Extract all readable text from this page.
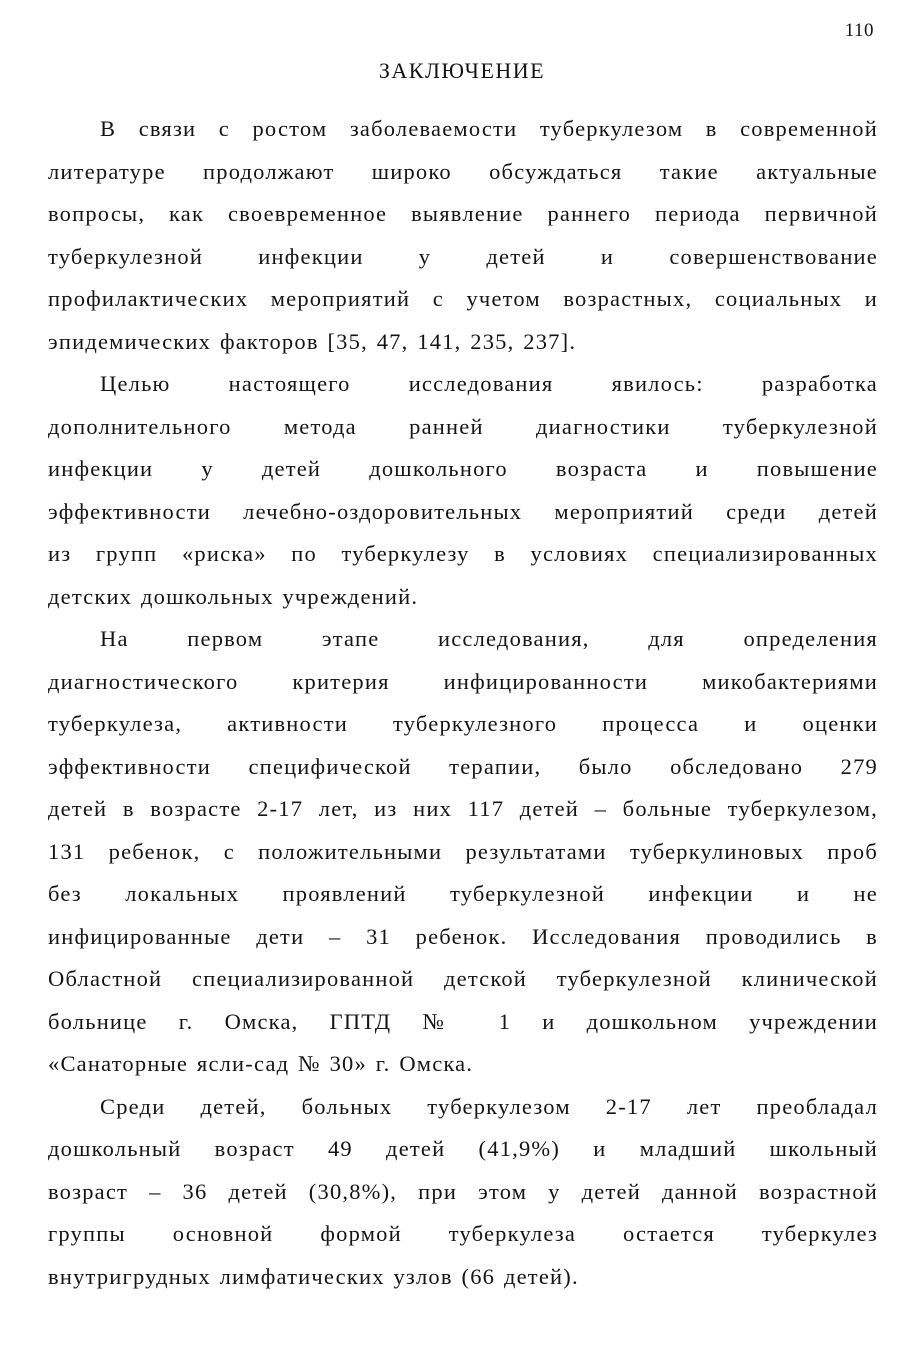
110
ЗАКЛЮЧЕНИЕ

В связи с ростом заболеваемости туберкулезом в современной
литературе продолжают широко обсуждаться такие актуальные
вопросы, как своевременное выявление раннего периода первичной
туберкулезной инфекции у детей и совершенствование
профилактических мероприятий с учетом возрастных, социальных и
эпидемических факторов [35, 47, 141, 235, 237].

Целью настоящего исследования явилось: разработка
дополнительного метода ранней диагностики туберкулезной
инфекции у детей дошкольного возраста и повышение
эффективности лечебно-оздоровительных мероприятий среди детей
из групп «риска» по туберкулезу в условиях специализированных
детских дошкольных учреждений.

На первом этапе исследования, для определения
диагностического критерия инфицированности микобактериями
туберкулеза, активности туберкулезного процесса и оценки
эффективности специфической терапии, было обследовано 279
детей в возрасте 2-17 лет, из них 117 детей – больные туберкулезом,
131 ребенок, с положительными результатами туберкулиновых проб
без локальных проявлений туберкулезной инфекции и не
инфицированные дети – 31 ребенок. Исследования проводились в
Областной специализированной детской туберкулезной клинической
больнице г. Омска, ГПТД № 1 и дошкольном учреждении
«Санаторные ясли-сад № 30» г. Омска.

Среди детей, больных туберкулезом 2-17 лет преобладал
дошкольный возраст 49 детей (41,9%) и младший школьный
возраст – 36 детей (30,8%), при этом у детей данной возрастной
группы основной формой туберкулеза остается туберкулез
внутригрудных лимфатических узлов (66 детей).
